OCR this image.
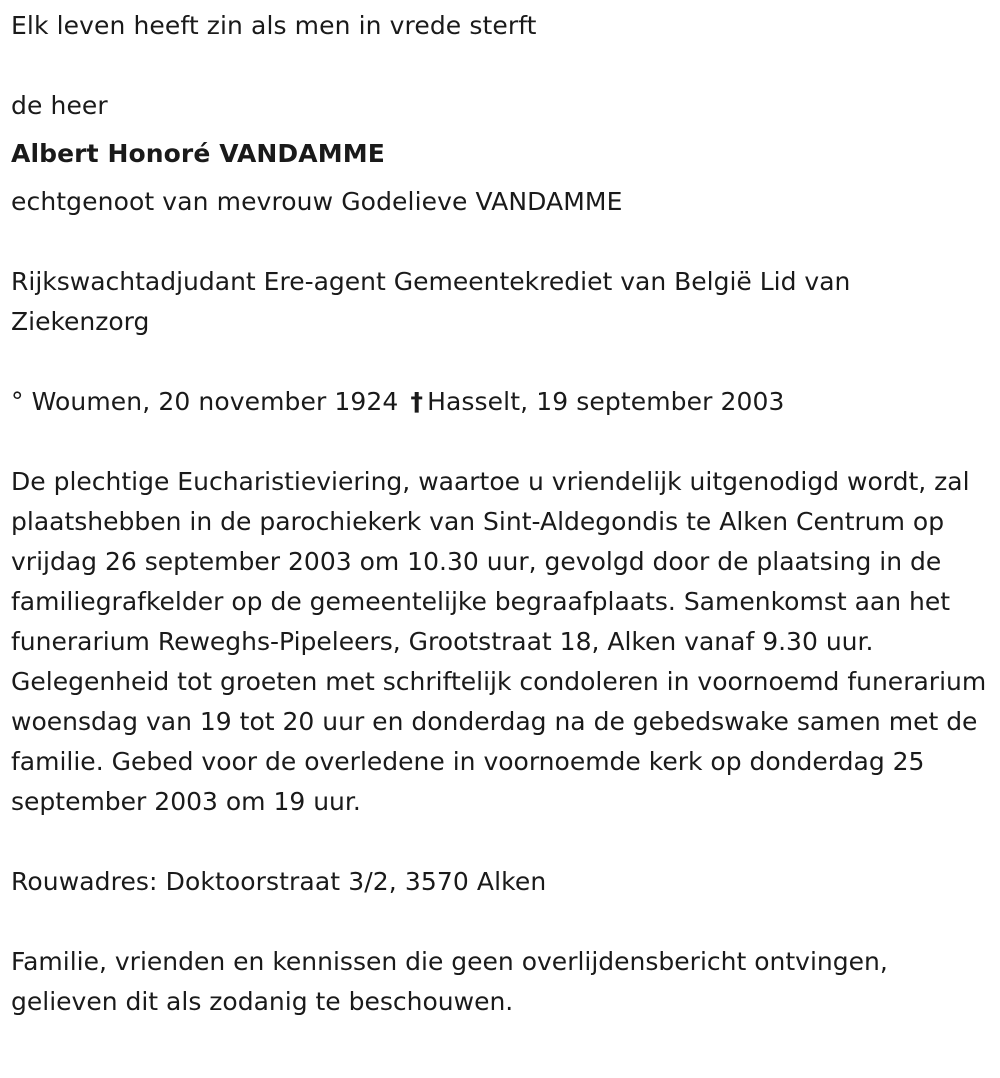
Elk leven heeft zin als men in vrede sterft

de heer

Albert Honoré VANDAMME

echtgenoot van mevrouw Godelieve VANDAMME

Rijkswachtadjudant Ere-agent Gemeentekrediet van België Lid van Ziekenzorg

° Woumen, 20 november 1924 † Hasselt, 19 september 2003

De plechtige Eucharistieviering, waartoe u vriendelijk uitgenodigd wordt, zal plaatshebben in de parochiekerk van Sint-Aldegondis te Alken Centrum op vrijdag 26 september 2003 om 10.30 uur, gevolgd door de plaatsing in de familiegrafkelder op de gemeentelijke begraafplaats. Samenkomst aan het funerarium Reweghs-Pipeleers, Grootstraat 18, Alken vanaf 9.30 uur. Gelegenheid tot groeten met schriftelijk condoleren in voornoemd funerarium woensdag van 19 tot 20 uur en donderdag na de gebedswake samen met de familie. Gebed voor de overledene in voornoemde kerk op donderdag 25 september 2003 om 19 uur.

Rouwadres: Doktoorstraat 3/2, 3570 Alken

Familie, vrienden en kennissen die geen overlijdensbericht ontvingen, gelieven dit als zodanig te beschouwen.
